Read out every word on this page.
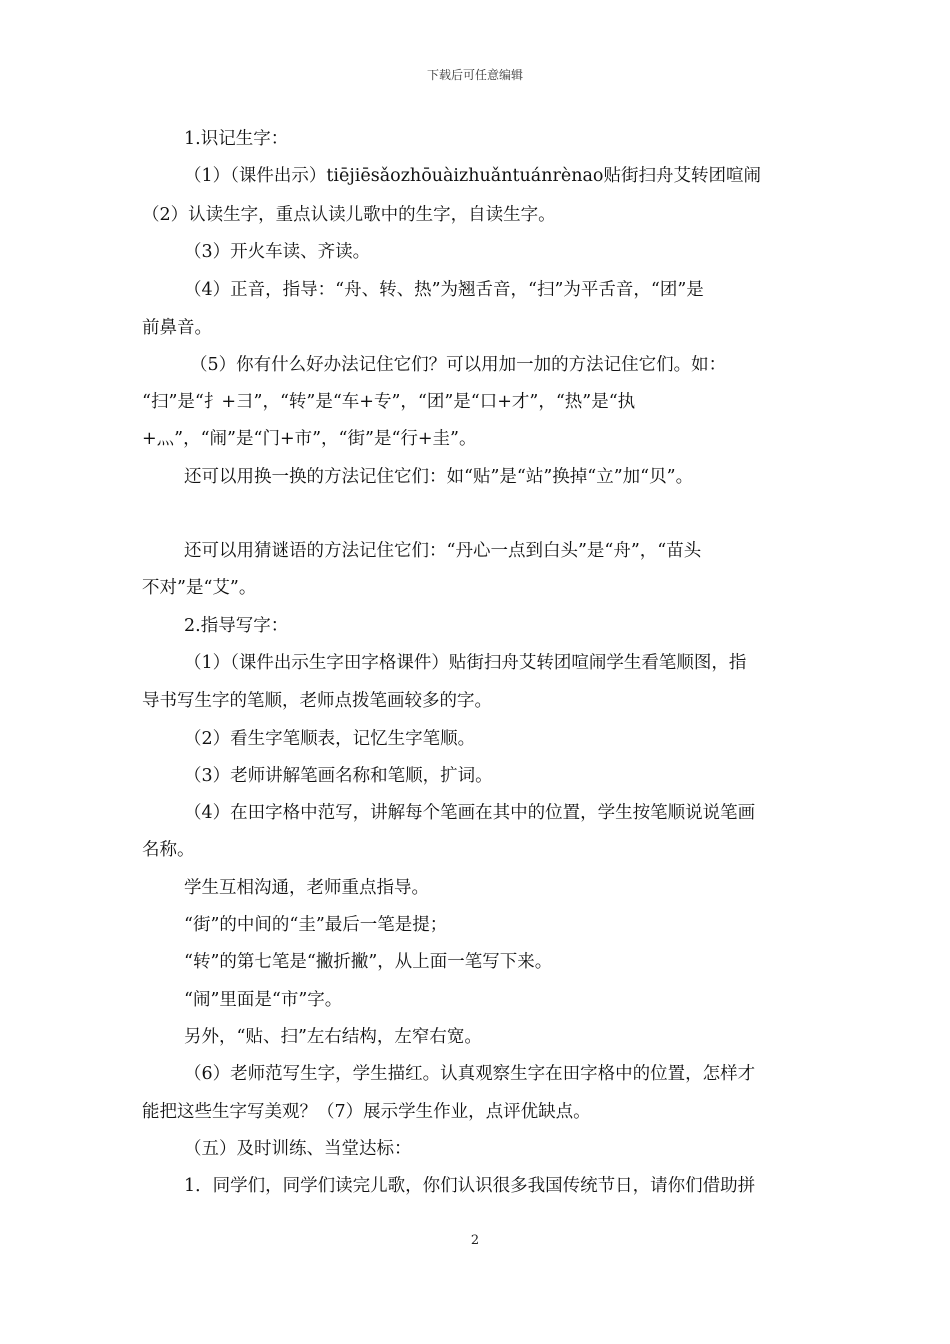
下载后可任意编辑
1.识记生字：
（1）（课件出示）tiējiēsǎozhōuàizhuǎntuánrènao贴街扫舟艾转团喧闹
（2）认读生字，重点认读儿歌中的生字，自读生字。
（3）开火车读、齐读。
（4）正音，指导：“舟、转、热”为翘舌音，“扫”为平舌音，“团”是
前鼻音。
（5）你有什么好办法记住它们？可以用加一加的方法记住它们。如：
“扫”是“扌+彐”，“转”是“车+专”，“团”是“口+才”，“热”是“执
+灬”，“闹”是“门+市”，“街”是“行+圭”。
还可以用换一换的方法记住它们：如“贴”是“站”换掉“立”加“贝”。
还可以用猜谜语的方法记住它们：“丹心一点到白头”是“舟”，“苗头
不对”是“艾”。
2.指导写字：
（1）（课件出示生字田字格课件）贴街扫舟艾转团喧闹学生看笔顺图，指
导书写生字的笔顺，老师点拨笔画较多的字。
（2）看生字笔顺表，记忆生字笔顺。
（3）老师讲解笔画名称和笔顺，扩词。
（4）在田字格中范写，讲解每个笔画在其中的位置，学生按笔顺说说笔画
名称。
学生互相沟通，老师重点指导。
“街”的中间的“圭”最后一笔是提；
“转”的第七笔是“撇折撇”，从上面一笔写下来。
“闹”里面是“市”字。
另外，“贴、扫”左右结构，左窄右宽。
（6）老师范写生字，学生描红。认真观察生字在田字格中的位置，怎样才
能把这些生字写美观？（7）展示学生作业，点评优缺点。
（五）及时训练、当堂达标：
1．同学们，同学们读完儿歌，你们认识很多我国传统节日，请你们借助拼
2
